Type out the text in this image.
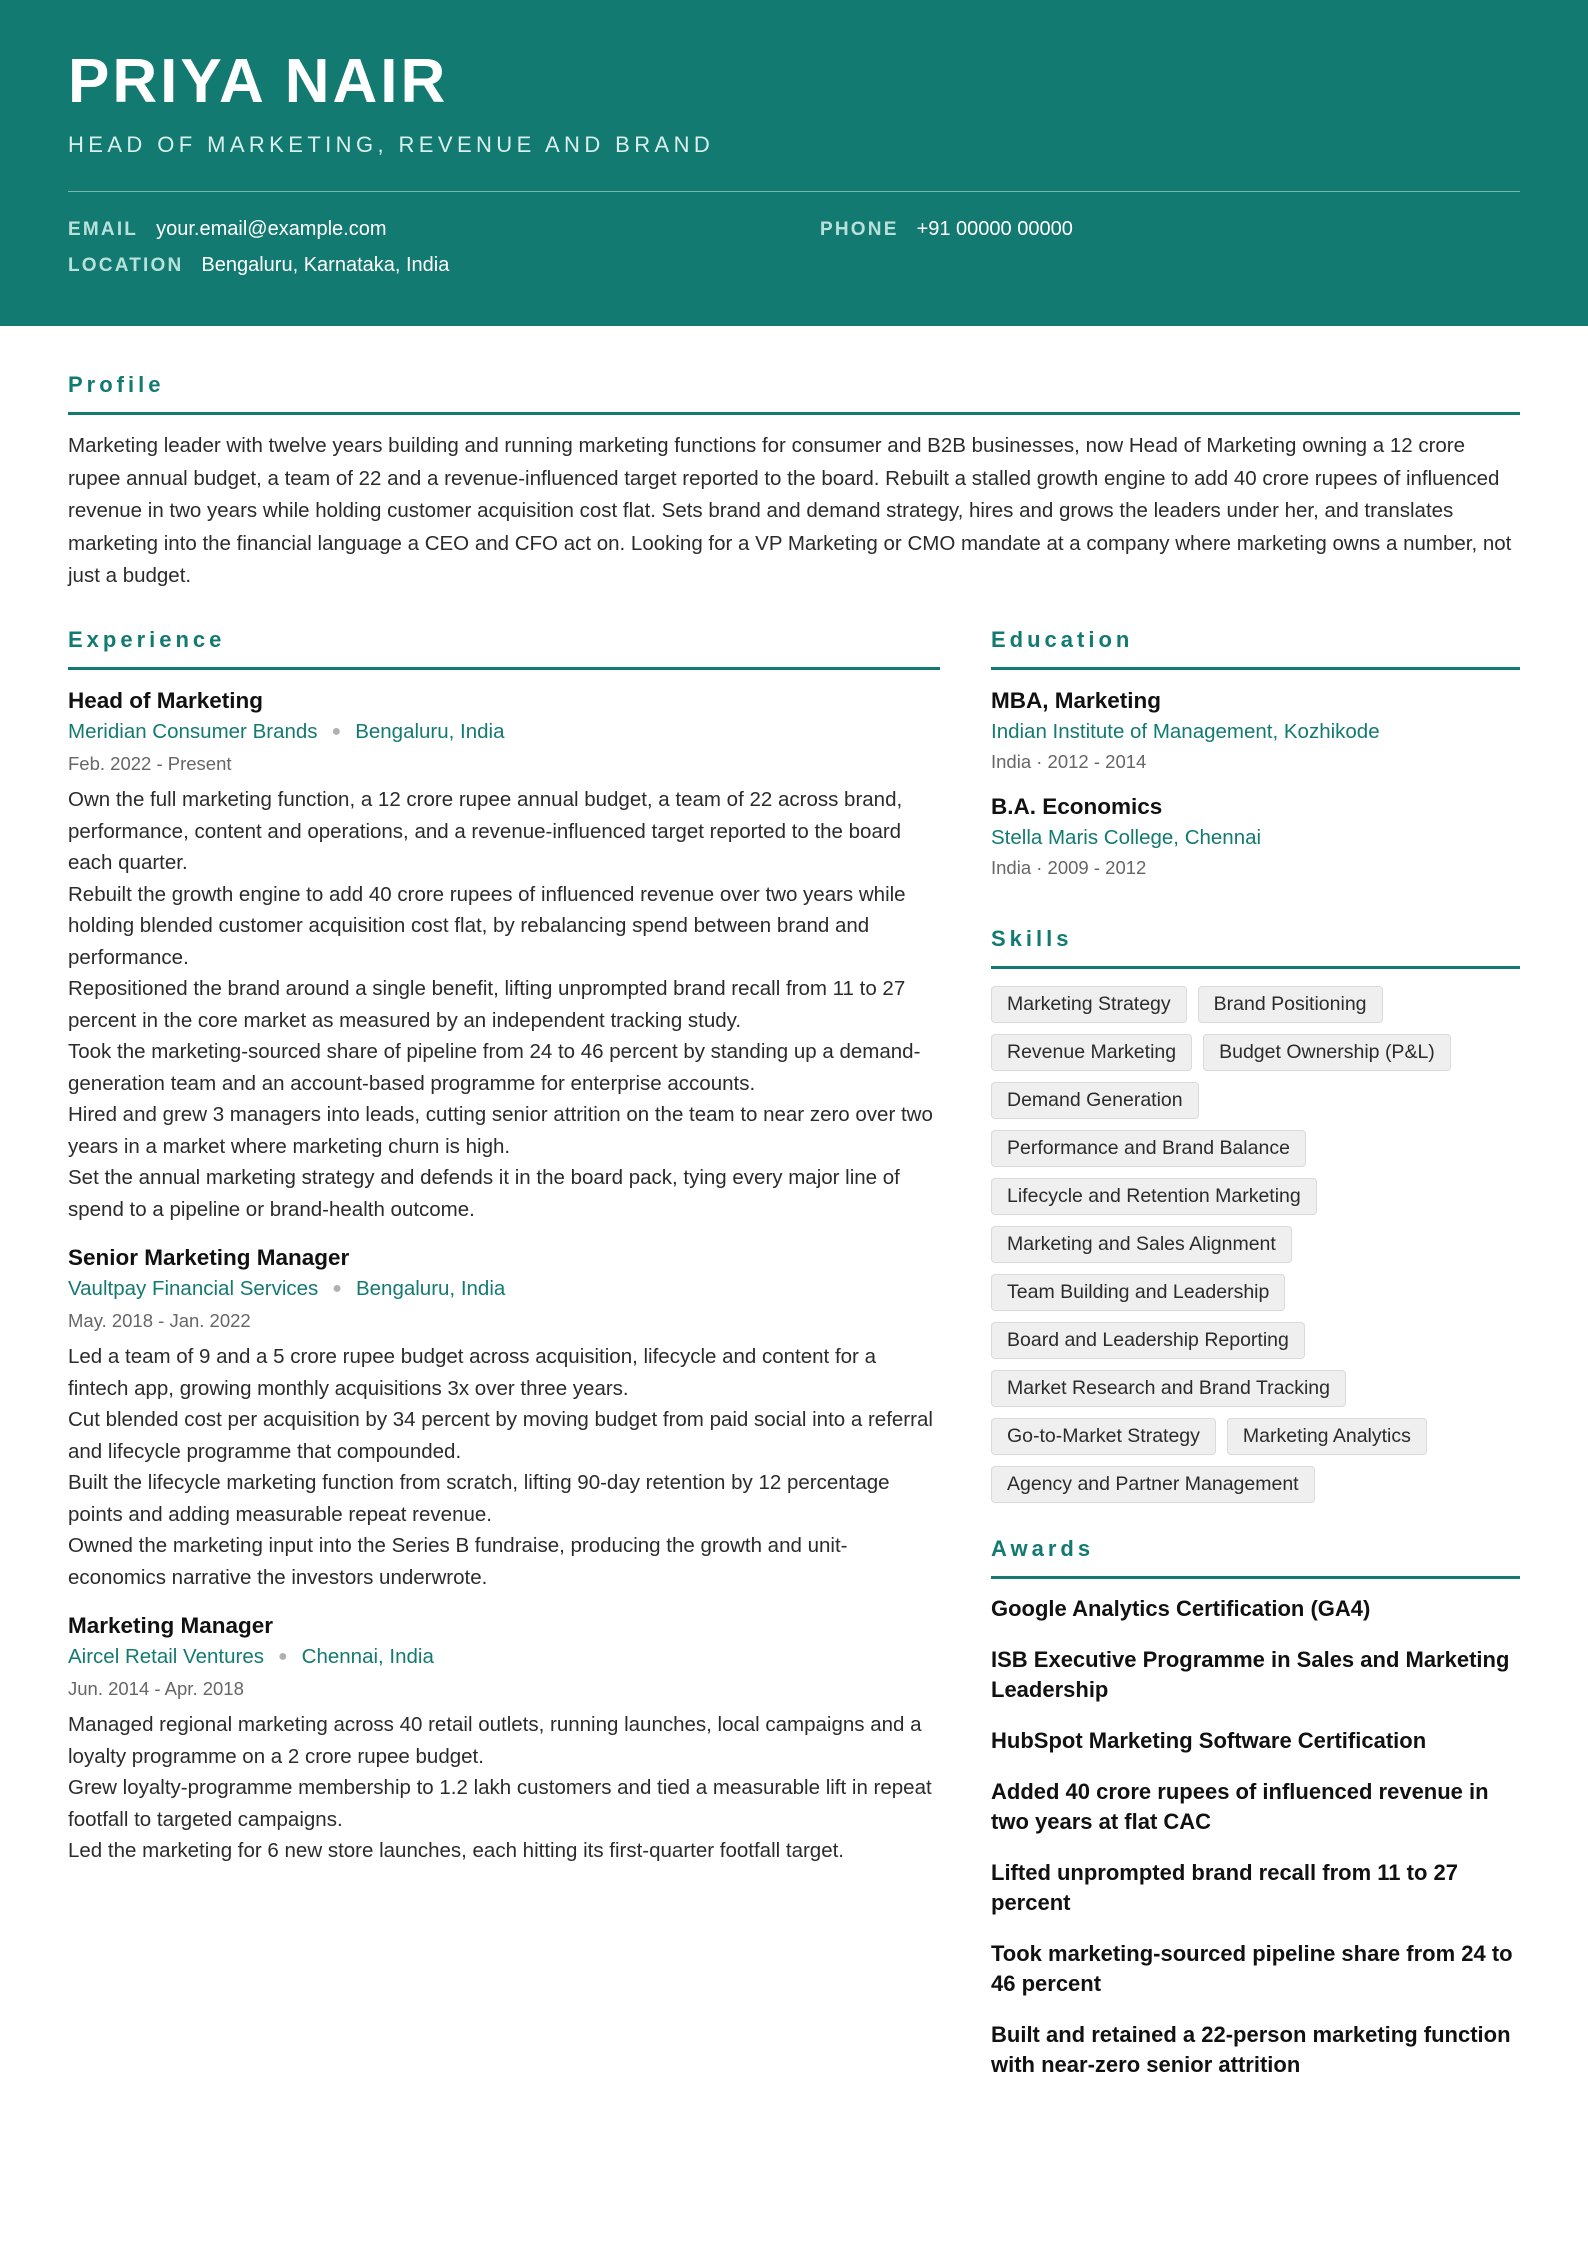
PRIYA NAIR
HEAD OF MARKETING, REVENUE AND BRAND
EMAIL your.email@example.com	PHONE +91 00000 00000
LOCATION Bengaluru, Karnataka, India
Profile

Marketing leader with twelve years building and running marketing functions for consumer and B2B businesses, now Head of Marketing owning a 12 crore rupee annual budget, a team of 22 and a revenue-influenced target reported to the board. Rebuilt a stalled growth engine to add 40 crore rupees of influenced revenue in two years while holding customer acquisition cost flat. Sets brand and demand strategy, hires and grows the leaders under her, and translates marketing into the financial language a CEO and CFO act on. Looking for a VP Marketing or CMO mandate at a company where marketing owns a number, not just a budget.

Experience
Head of Marketing
Meridian Consumer Brands ● Bengaluru, India
Feb. 2022 - Present
Own the full marketing function, a 12 crore rupee annual budget, a team of 22 across brand, performance, content and operations, and a revenue-influenced target reported to the board each quarter.
Rebuilt the growth engine to add 40 crore rupees of influenced revenue over two years while holding blended customer acquisition cost flat, by rebalancing spend between brand and performance.
Repositioned the brand around a single benefit, lifting unprompted brand recall from 11 to 27 percent in the core market as measured by an independent tracking study.
Took the marketing-sourced share of pipeline from 24 to 46 percent by standing up a demand-generation team and an account-based programme for enterprise accounts.
Hired and grew 3 managers into leads, cutting senior attrition on the team to near zero over two years in a market where marketing churn is high.
Set the annual marketing strategy and defends it in the board pack, tying every major line of spend to a pipeline or brand-health outcome.
Senior Marketing Manager
Vaultpay Financial Services ● Bengaluru, India
May. 2018 - Jan. 2022
Led a team of 9 and a 5 crore rupee budget across acquisition, lifecycle and content for a fintech app, growing monthly acquisitions 3x over three years.
Cut blended cost per acquisition by 34 percent by moving budget from paid social into a referral and lifecycle programme that compounded.
Built the lifecycle marketing function from scratch, lifting 90-day retention by 12 percentage points and adding measurable repeat revenue.
Owned the marketing input into the Series B fundraise, producing the growth and unit-economics narrative the investors underwrote.
Marketing Manager
Aircel Retail Ventures ● Chennai, India
Jun. 2014 - Apr. 2018
Managed regional marketing across 40 retail outlets, running launches, local campaigns and a loyalty programme on a 2 crore rupee budget.
Grew loyalty-programme membership to 1.2 lakh customers and tied a measurable lift in repeat footfall to targeted campaigns.
Led the marketing for 6 new store launches, each hitting its first-quarter footfall target.
Education
MBA, Marketing
Indian Institute of Management, Kozhikode
India · 2012 - 2014
B.A. Economics
Stella Maris College, Chennai
India · 2009 - 2012
Skills
Marketing Strategy	Brand Positioning
Revenue Marketing	Budget Ownership (P&L)
Demand Generation
Performance and Brand Balance
Lifecycle and Retention Marketing
Marketing and Sales Alignment
Team Building and Leadership
Board and Leadership Reporting
Market Research and Brand Tracking
Go-to-Market Strategy	Marketing Analytics
Agency and Partner Management
Awards
Google Analytics Certification (GA4)
ISB Executive Programme in Sales and Marketing Leadership
HubSpot Marketing Software Certification
Added 40 crore rupees of influenced revenue in two years at flat CAC
Lifted unprompted brand recall from 11 to 27 percent
Took marketing-sourced pipeline share from 24 to 46 percent
Built and retained a 22-person marketing function with near-zero senior attrition
